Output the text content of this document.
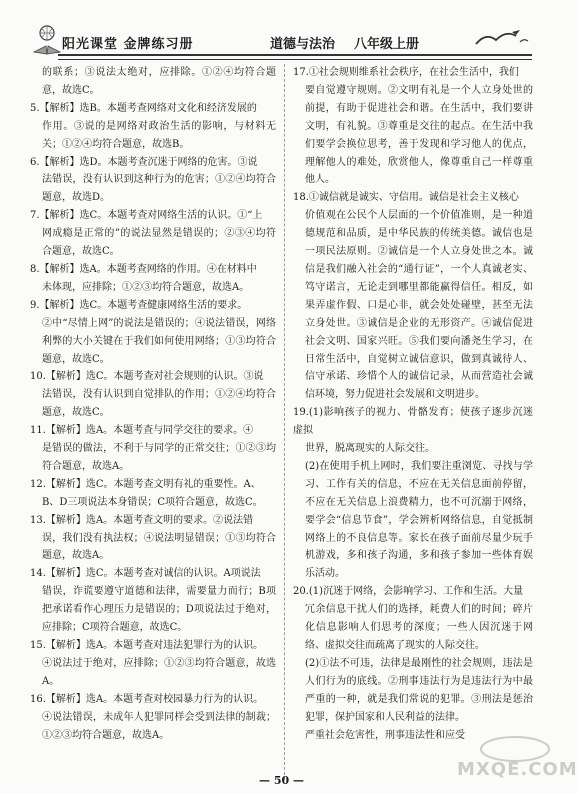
阳光课堂 金牌练习册	道德与法治 八年级上册

的联系；③说法太绝对，应排除。①②④均符合题意，故选C。

5.【解析】选B。本题考查网络对文化和经济发展的
作用。③说的是网络对政治生活的影响，与材料无关；①②④均符合题意，故选B。

6.【解析】选D。本题考查沉迷于网络的危害。③说
法错误，没有认识到这种行为的危害；①②④均符合题意，故选D。

7.【解析】选C。本题考查对网络生活的认识。①“上
网成瘾是正常的”的说法显然是错误的；②③④均符合题意，故选C。

8.【解析】选A。本题考查网络的作用。④在材料中
未体现，应排除；①②③均符合题意，故选A。

9.【解析】选C。本题考查健康网络生活的要求。
②中“尽情上网”的说法是错误的；④说法错误，网络利弊的大小关键在于我们如何使用网络；①③均符合题意，故选C。

10.【解析】选C。本题考查对社会规则的认识。③说
法错误，没有认识到自觉排队的作用；①②④均符合题意，故选C。

11.【解析】选A。本题考查与同学交往的要求。④
是错误的做法，不利于与同学的正常交往；①②③均符合题意，故选A。

12.【解析】选C。本题考查文明有礼的重要性。A、
B、D三项说法本身错误；C项符合题意，故选C。

13.【解析】选A。本题考查文明的要求。②说法错
误，我们没有执法权；④说法明显错误；①③均符合题意，故选A。

14.【解析】选C。本题考查对诚信的认识。A项说法
错误，诈谎要遵守道德和法律，需要量力而行；B项把承诺看作心理压力是错误的；D项说法过于绝对，应排除；C项符合题意，故选C。

15.【解析】选A。本题考查对违法犯罪行为的认识。
④说法过于绝对，应排除；①②③均符合题意，故选A。

16.【解析】选A。本题考查对校园暴力行为的认识。
④说法错误，未成年人犯罪同样会受到法律的制裁；①②③均符合题意，故选A。

17.①社会规则维系社会秩序，在社会生活中，我们
要自觉遵守规则。②文明有礼是一个人立身处世的前提，有助于促进社会和谐。在生活中，我们要讲文明，有礼貌。③尊重是交往的起点。在生活中我们要学会换位思考，善于发现和学习他人的优点，理解他人的难处，欣赏他人，像尊重自己一样尊重他人。

18.①诚信就是诚实、守信用。诚信是社会主义核心
价值观在公民个人层面的一个价值准则，是一种道德规范和品质，是中华民族的传统美德。诚信也是一项民法原则。②诚信是一个人立身处世之本。诚信是我们融入社会的“通行证”，一个人真诚老实、笃守诺言，无论走到哪里都能赢得信任。相反，如果弄虚作假、口是心非，就会处处碰壁，甚至无法立身处世。③诚信是企业的无形资产。④诚信促进社会文明、国家兴旺。⑤我们要向潘尧生学习，在日常生活中，自觉树立诚信意识，做到真诚待人、信守承诺、珍惜个人的诚信记录，从而营造社会诚信环境，努力促进社会发展和文明进步。

19.(1)影响孩子的视力、骨骼发育；使孩子逐步沉迷虚拟
世界，脱离现实的人际交往。
(2)在使用手机上网时，我们要注重浏览、寻找与学习、工作有关的信息，不应在无关信息面前停留，不应在无关信息上浪费精力，也不可沉溺于网络，要学会“信息节食”，学会辨析网络信息，自觉抵制网络上的不良信息等。家长在孩子面前尽量少玩手机游戏，多和孩子沟通，多和孩子参加一些体育娱乐活动。

20.(1)沉迷于网络，会影响学习、工作和生活。大量
冗余信息干扰人们的选择，耗费人们的时间；碎片化信息影响人们思考的深度；一些人因沉迷于网络、虚拟交往而疏离了现实的人际交往。
(2)①法不可违，法律是最刚性的社会规则，违法是人们行为的底线。②刑事违法行为是违法行为中最严重的一种，就是我们常说的犯罪。③刑法是惩治犯罪，保护国家和人民利益的法律。
严重社会危害性，刑事违法性和应受

— 50 —
MXQE.COM
